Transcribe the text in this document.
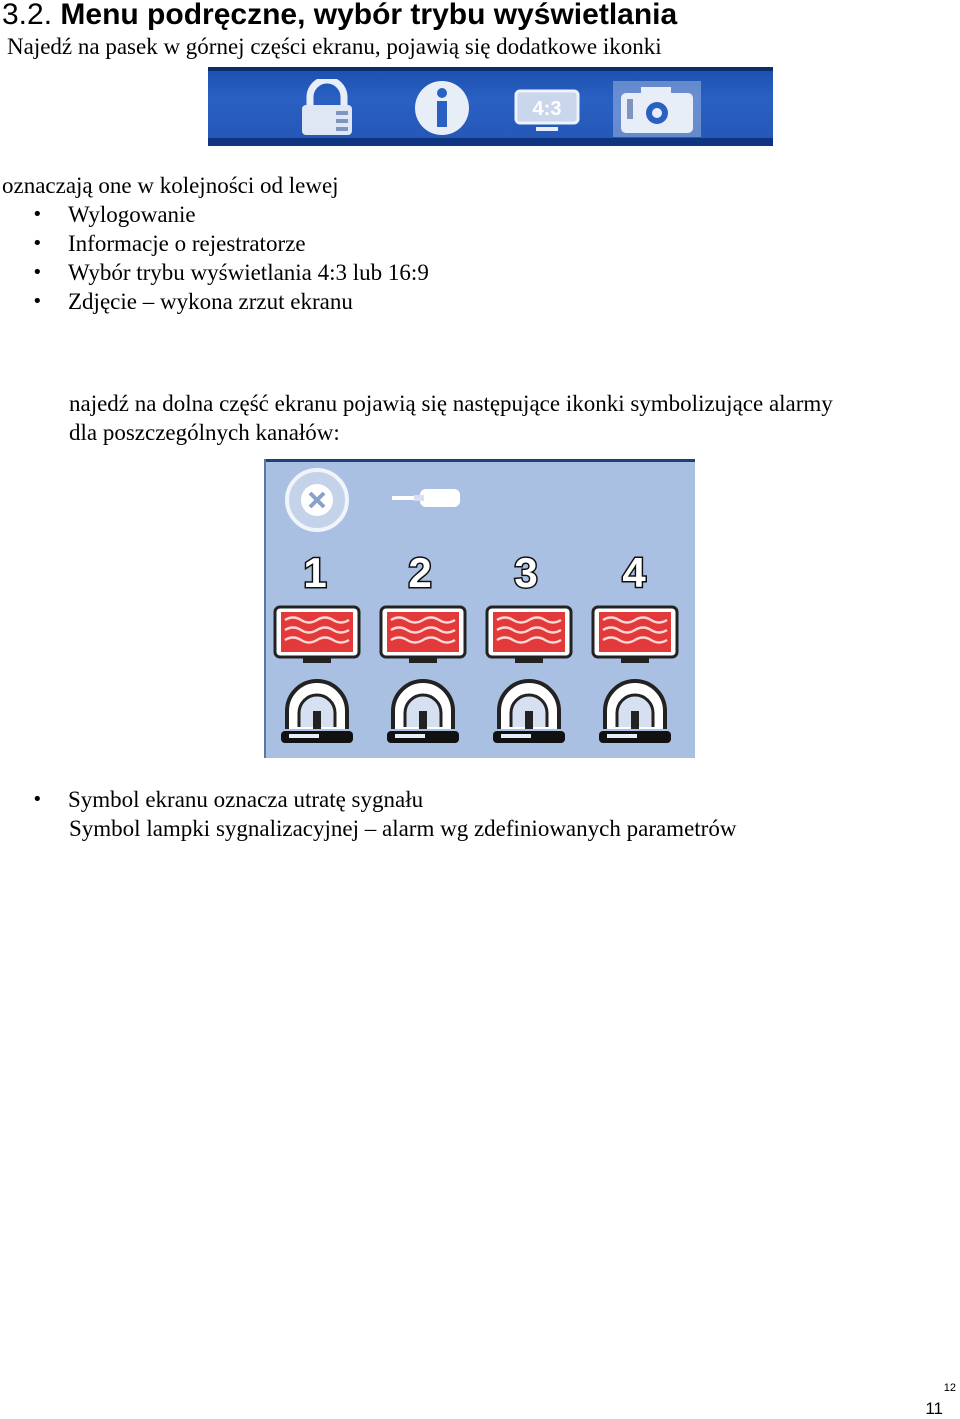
3.2. Menu podręczne, wybór trybu wyświetlania
Najedź na pasek w górnej części ekranu, pojawią się dodatkowe ikonki
4:3
oznaczają one w kolejności od lewej
• Wylogowanie
• Informacje o rejestratorze
• Wybór trybu wyświetlania 4:3 lub 16:9
• Zdjęcie – wykona zrzut ekranu
najedź na dolna część ekranu pojawią się następujące ikonki symbolizujące alarmy
dla poszczególnych kanałów:
1 2 3 4
• Symbol ekranu oznacza utratę sygnału
Symbol lampki sygnalizacyjnej – alarm wg zdefiniowanych parametrów
12
11
